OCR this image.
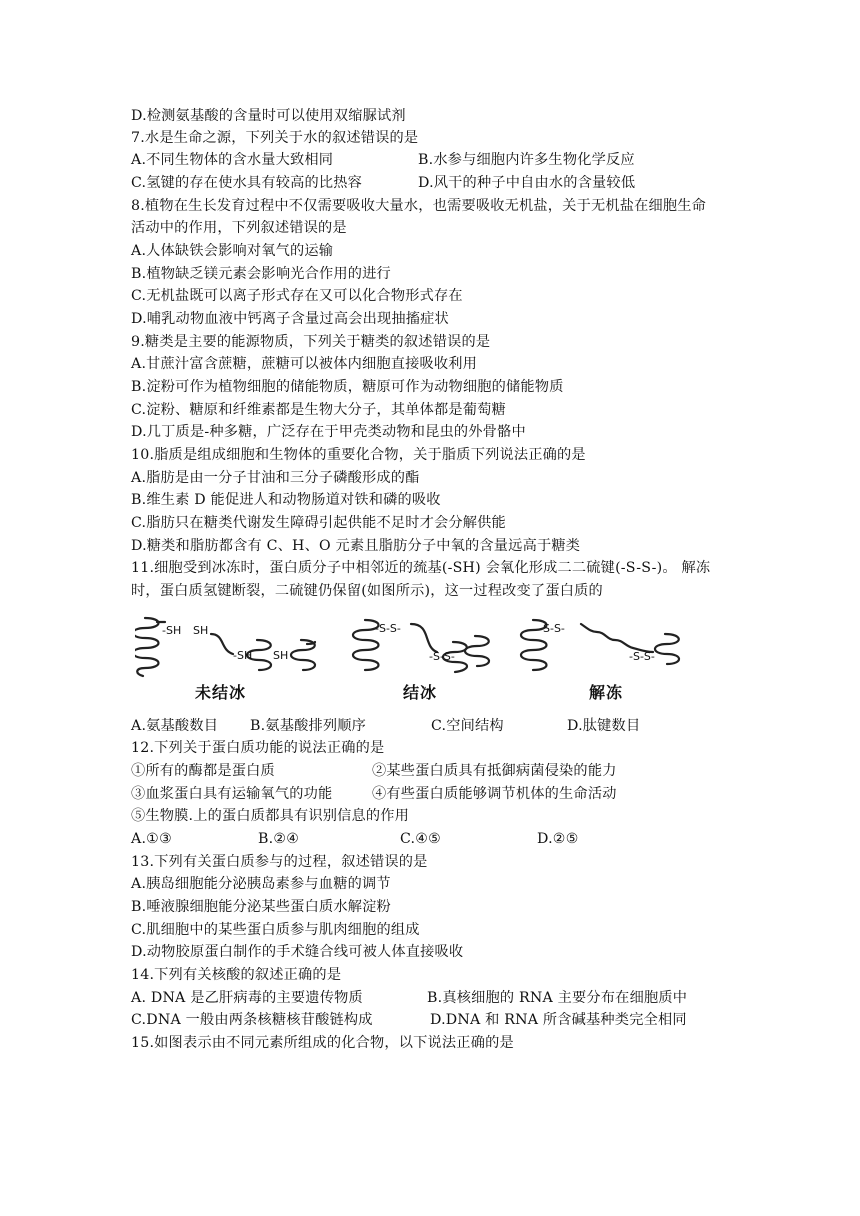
D.检测氨基酸的含量时可以使用双缩脲试剂
7.水是生命之源，下列关于水的叙述错误的是
A.不同生物体的含水量大致相同	B.水参与细胞内许多生物化学反应
C.氢键的存在使水具有较高的比热容	D.风干的种子中自由水的含量较低
8.植物在生长发育过程中不仅需要吸收大量水，也需要吸收无机盐，关于无机盐在细胞生命
活动中的作用，下列叙述错误的是
A.人体缺铁会影响对氧气的运输
B.植物缺乏镁元素会影响光合作用的进行
C.无机盐既可以离子形式存在又可以化合物形式存在
D.哺乳动物血液中钙离子含量过高会出现抽搐症状
9.糖类是主要的能源物质，下列关于糖类的叙述错误的是
A.甘蔗汁富含蔗糖，蔗糖可以被体内细胞直接吸收利用
B.淀粉可作为植物细胞的储能物质，糖原可作为动物细胞的储能物质
C.淀粉、糖原和纤维素都是生物大分子，其单体都是葡萄糖
D.几丁质是-种多糖，广泛存在于甲壳类动物和昆虫的外骨骼中
10.脂质是组成细胞和生物体的重要化合物，关于脂质下列说法正确的是
A.脂肪是由一分子甘油和三分子磷酸形成的酯
B.维生素 D 能促进人和动物肠道对铁和磷的吸收
C.脂肪只在糖类代谢发生障碍引起供能不足时才会分解供能
D.糖类和脂肪都含有 C、H、O 元素且脂肪分子中氧的含量远高于糖类
11.细胞受到冰冻时，蛋白质分子中相邻近的巯基(-SH) 会氧化形成二二硫键(-S-S-)。 解冻
时，蛋白质氢键断裂，二硫键仍保留(如图所示)，这一过程改变了蛋白质的
-SH SH
-SH SH
-S-S-
-S-S-
S-S-
-S-S-
未结冰	结冰	解冻
A.氨基酸数目 B.氨基酸排列顺序	C.空间结构	D.肽键数目
12.下列关于蛋白质功能的说法正确的是
①所有的酶都是蛋白质	②某些蛋白质具有抵御病菌侵染的能力
③血浆蛋白具有运输氧气的功能	④有些蛋白质能够调节机体的生命活动
⑤生物膜.上的蛋白质都具有识别信息的作用
A.①③	B.②④	C.④⑤	D.②⑤
13.下列有关蛋白质参与的过程，叙述错误的是
A.胰岛细胞能分泌胰岛素参与血糖的调节
B.唾液腺细胞能分泌某些蛋白质水解淀粉
C.肌细胞中的某些蛋白质参与肌肉细胞的组成
D.动物胶原蛋白制作的手术缝合线可被人体直接吸收
14.下列有关核酸的叙述正确的是
A. DNA 是乙肝病毒的主要遗传物质	B.真核细胞的 RNA 主要分布在细胞质中
C.DNA 一般由两条核糖核苷酸链构成	D.DNA 和 RNA 所含碱基种类完全相同
15.如图表示由不同元素所组成的化合物，以下说法正确的是
